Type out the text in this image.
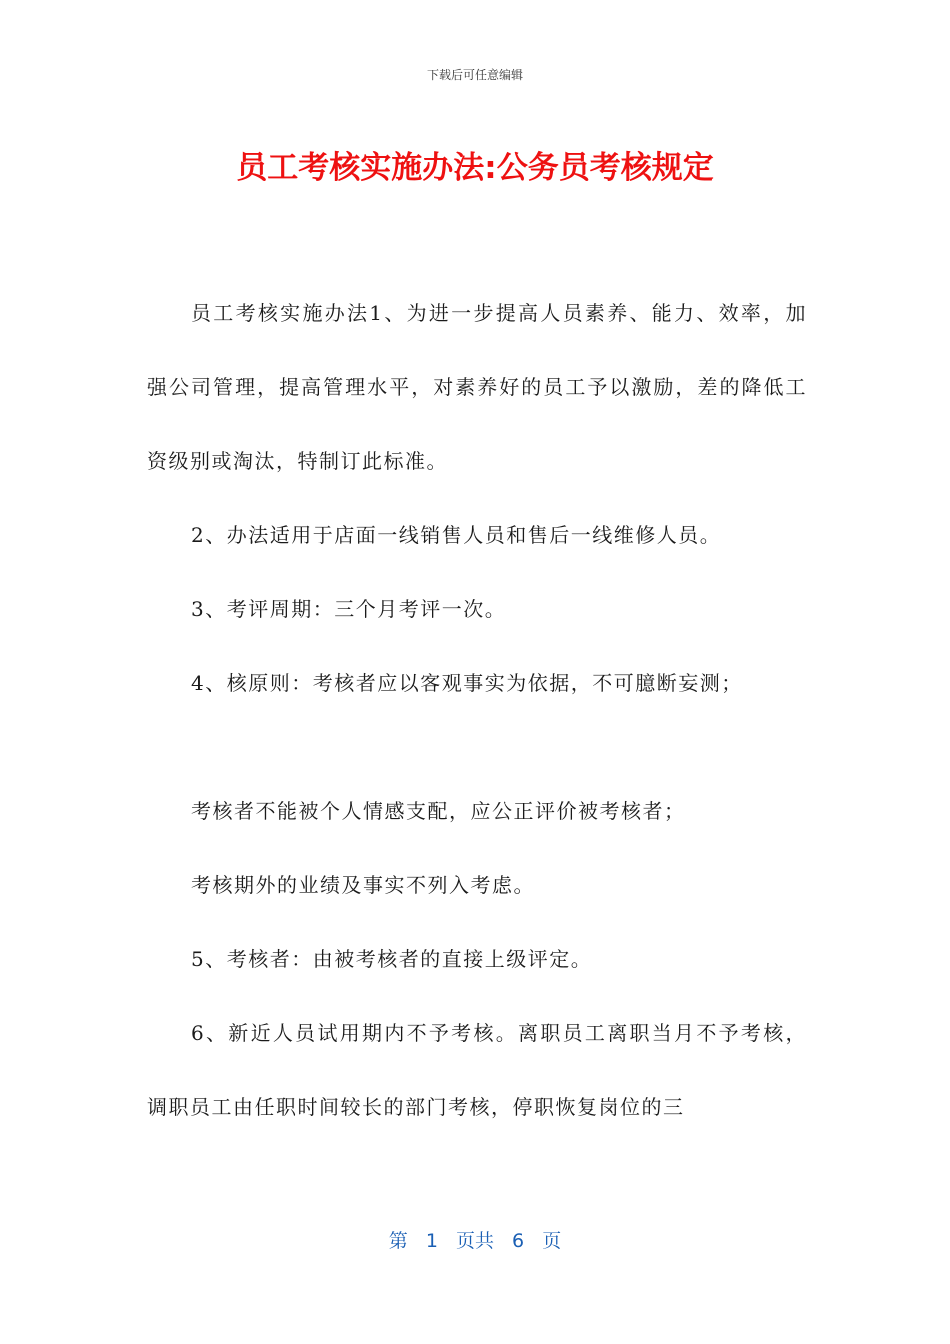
下载后可任意编辑
员工考核实施办法:公务员考核规定

员工考核实施办法1、为进一步提高人员素养、能力、效率，加强公司管理，提高管理水平，对素养好的员工予以激励，差的降低工资级别或淘汰，特制订此标准。

2、办法适用于店面一线销售人员和售后一线维修人员。

3、考评周期：三个月考评一次。

4、核原则：考核者应以客观事实为依据，不可臆断妄测；

考核者不能被个人情感支配，应公正评价被考核者；

考核期外的业绩及事实不列入考虑。

5、考核者：由被考核者的直接上级评定。

6、新近人员试用期内不予考核。离职员工离职当月不予考核，调职员工由任职时间较长的部门考核，停职恢复岗位的三

第 1 页共 6 页
